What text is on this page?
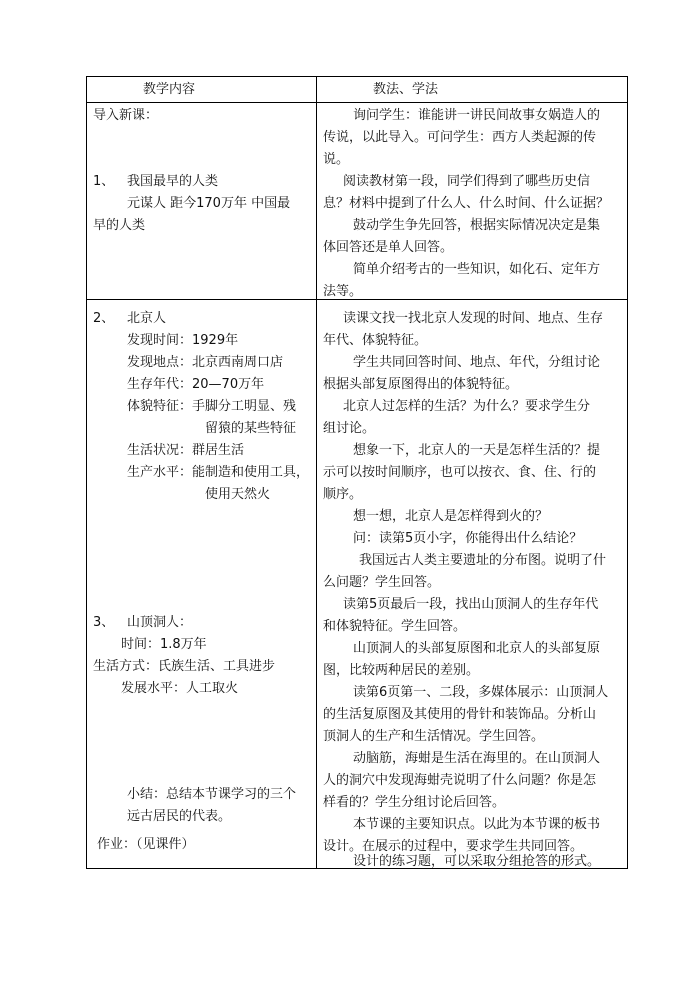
教学内容	教法、学法
导入新课：
1、 我国最早的人类
元谋人 距今170万年 中国最
早的人类
询问学生：谁能讲一讲民间故事女娲造人的
传说，以此导入。可问学生：西方人类起源的传
说。
阅读教材第一段，同学们得到了哪些历史信
息？材料中提到了什么人、什么时间、什么证据？
鼓动学生争先回答，根据实际情况决定是集
体回答还是单人回答。
简单介绍考古的一些知识，如化石、定年方
法等。
2、 北京人
发现时间：1929年
发现地点：北京西南周口店
生存年代：20—70万年
体貌特征：手脚分工明显、残
留猿的某些特征
生活状况：群居生活
生产水平：能制造和使用工具，
使用天然火
3、 山顶洞人：
时间：1.8万年
生活方式：氏族生活、工具进步
发展水平：人工取火
小结：总结本节课学习的三个
远古居民的代表。
作业：（见课件）
读课文找一找北京人发现的时间、地点、生存
年代、体貌特征。
学生共同回答时间、地点、年代，分组讨论
根据头部复原图得出的体貌特征。
北京人过怎样的生活？为什么？要求学生分
组讨论。
想象一下，北京人的一天是怎样生活的？提
示可以按时间顺序，也可以按衣、食、住、行的
顺序。
想一想，北京人是怎样得到火的？
问：读第5页小字，你能得出什么结论？
我国远古人类主要遗址的分布图。说明了什
么问题？学生回答。
读第5页最后一段，找出山顶洞人的生存年代
和体貌特征。学生回答。
山顶洞人的头部复原图和北京人的头部复原
图，比较两种居民的差别。
读第6页第一、二段，多媒体展示：山顶洞人
的生活复原图及其使用的骨针和装饰品。分析山
顶洞人的生产和生活情况。学生回答。
动脑筋，海蚶是生活在海里的。在山顶洞人
人的洞穴中发现海蚶壳说明了什么问题？你是怎
样看的？学生分组讨论后回答。
本节课的主要知识点。以此为本节课的板书
设计。在展示的过程中，要求学生共同回答。
设计的练习题，可以采取分组抢答的形式。
